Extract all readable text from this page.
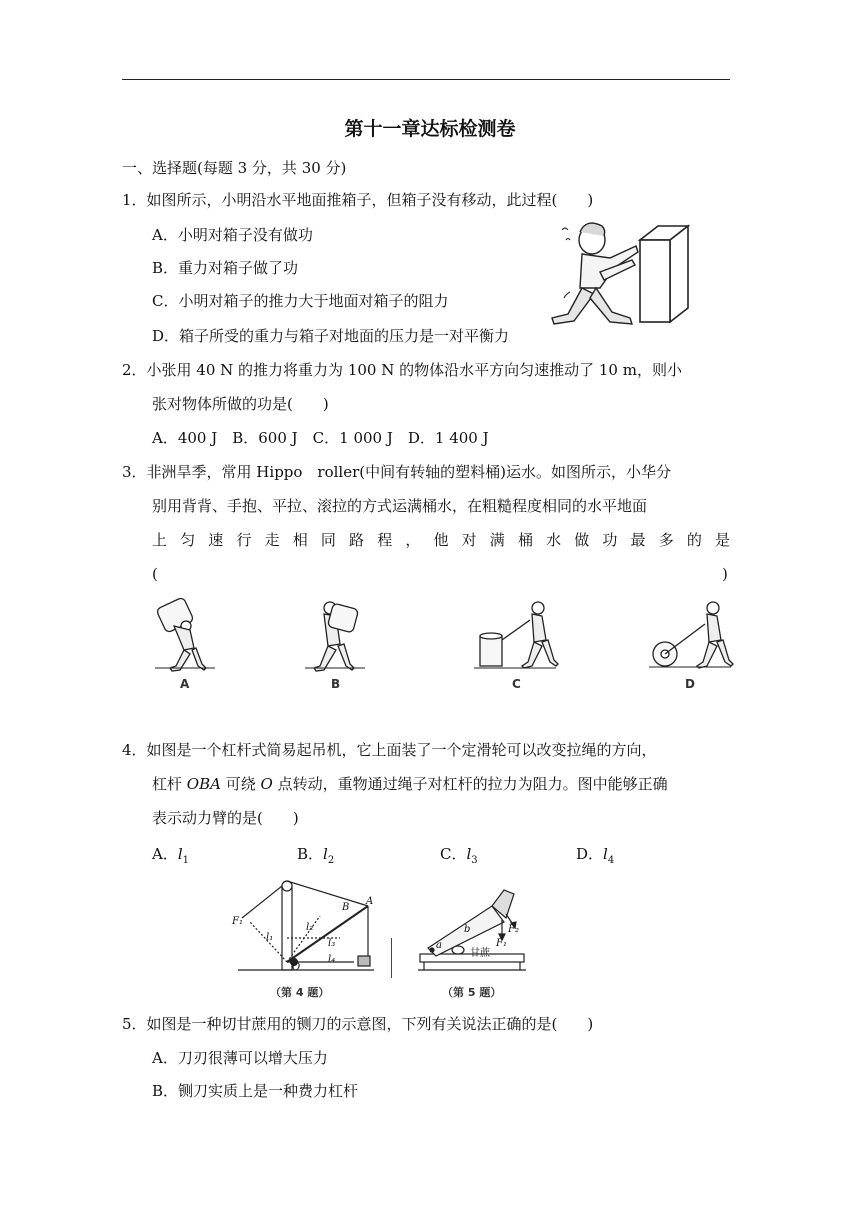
第十一章达标检测卷
一、选择题(每题 3 分，共 30 分)
1．如图所示，小明沿水平地面推箱子，但箱子没有移动，此过程(　　)
A．小明对箱子没有做功
B．重力对箱子做了功
C．小明对箱子的推力大于地面对箱子的阻力
D．箱子所受的重力与箱子对地面的压力是一对平衡力
2．小张用 40 N 的推力将重力为 100 N 的物体沿水平方向匀速推动了 10 m，则小
张对物体所做的功是(　　)
A．400 J　B．600 J　C．1 000 J　D．1 400 J
3．非洲旱季，常用 Hippo　roller(中间有转轴的塑料桶)运水。如图所示，小华分
别用背背、手抱、平拉、滚拉的方式运满桶水，在粗糙程度相同的水平地面
上匀速行走相同路程，他对满桶水做功最多的是
(	)
A	B	C	D
4．如图是一个杠杆式简易起吊机，它上面装了一个定滑轮可以改变拉绳的方向，
杠杆 OBA 可绕 O 点转动，重物通过绳子对杠杆的拉力为阻力。图中能够正确
表示动力臂的是(　　)
A．$l_1$	B．$l_2$	C．$l_3$	D．$l_4$
F₁
l₁
l₂
l₃
l₄
O
B
A
（第 4 题）
a
b	F₂
F₁
甘蔗
（第 5 题）
5．如图是一种切甘蔗用的铡刀的示意图，下列有关说法正确的是(　　)
A．刀刃很薄可以增大压力
B．铡刀实质上是一种费力杠杆
